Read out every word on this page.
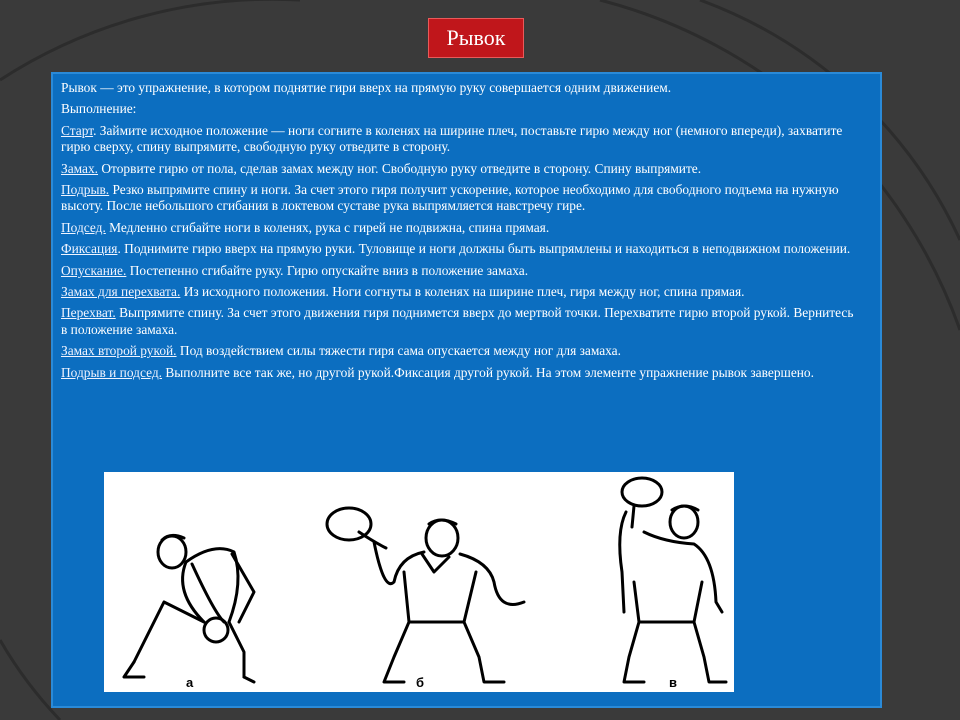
Рывок

Рывок — это упражнение, в котором поднятие гири вверх на прямую руку совершается одним движением.

Выполнение:

Старт. Займите исходное положение — ноги согните в коленях на ширине плеч, поставьте гирю между ног (немного впереди), захватите гирю сверху, спину выпрямите, свободную руку отведите в сторону.

Замах. Оторвите гирю от пола, сделав замах между ног. Свободную руку отведите в сторону. Спину выпрямите.

Подрыв. Резко выпрямите спину и ноги. За счет этого гиря получит ускорение, которое необходимо для свободного подъема на нужную высоту. После небольшого сгибания в локтевом суставе рука выпрямляется навстречу гире.

Подсед. Медленно сгибайте ноги в коленях, рука с гирей не подвижна, спина прямая.

Фиксация. Поднимите гирю вверх на прямую руки. Туловище и ноги должны быть выпрямлены и находиться в неподвижном положении.

Опускание. Постепенно сгибайте руку. Гирю опускайте вниз в положение замаха.

Замах для перехвата. Из исходного положения. Ноги согнуты в коленях на ширине плеч, гиря между ног, спина прямая.

Перехват. Выпрямите спину. За счет этого движения гиря поднимется вверх до мертвой точки. Перехватите гирю второй рукой. Вернитесь в положение замаха.

Замах второй рукой. Под воздействием силы тяжести гиря сама опускается между ног для замаха.

Подрыв и подсед. Выполните все так же, но другой рукой.Фиксация другой рукой. На этом элементе упражнение рывок завершено.

а	б	в
